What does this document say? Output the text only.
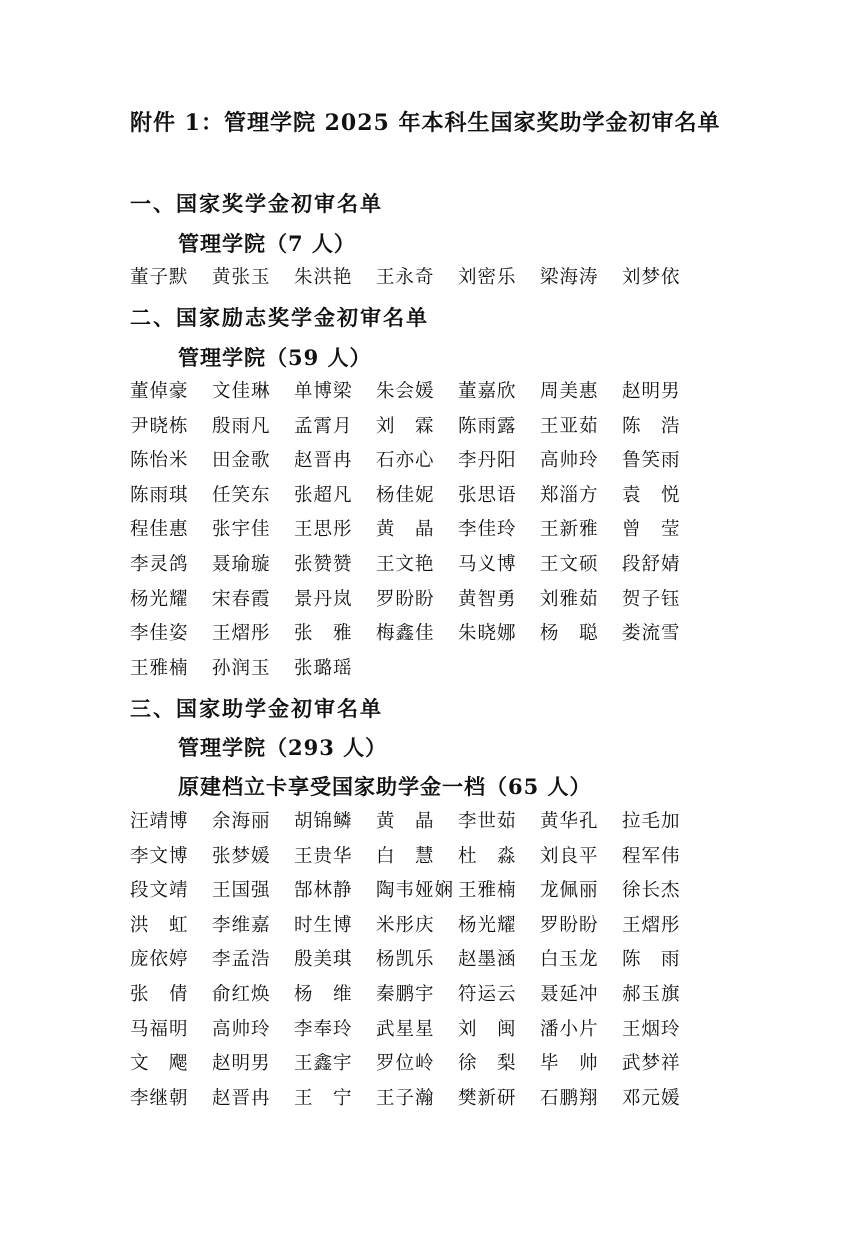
附件 1：管理学院 2025 年本科生国家奖助学金初审名单
一、国家奖学金初审名单
管理学院（7 人）
董子默	黄张玉	朱洪艳	王永奇	刘密乐	梁海涛	刘梦依
二、国家励志奖学金初审名单
管理学院（59 人）
董倬豪	文佳琳	单博梁	朱会媛	董嘉欣	周美惠	赵明男
尹晓栋	殷雨凡	孟霄月	刘　霖	陈雨露	王亚茹	陈　浩
陈怡米	田金歌	赵晋冉	石亦心	李丹阳	高帅玲	鲁笑雨
陈雨琪	任笑东	张超凡	杨佳妮	张思语	郑淄方	袁　悦
程佳惠	张宇佳	王思彤	黄　晶	李佳玲	王新雅	曾　莹
李灵鸽	聂瑜璇	张赞赞	王文艳	马义博	王文硕	段舒婧
杨光耀	宋春霞	景丹岚	罗盼盼	黄智勇	刘雅茹	贺子钰
李佳姿	王熠彤	张　雅	梅鑫佳	朱晓娜	杨　聪	娄流雪
王雅楠	孙润玉	张璐瑶
三、国家助学金初审名单
管理学院（293 人）
原建档立卡享受国家助学金一档（65 人）
汪靖博	余海丽	胡锦鳞	黄　晶	李世茹	黄华孔	拉毛加
李文博	张梦媛	王贵华	白　慧	杜　淼	刘良平	程军伟
段文靖	王国强	郜林静	陶韦娅娴 王雅楠	龙佩丽	徐长杰
洪　虹	李维嘉	时生博	米彤庆	杨光耀	罗盼盼	王熠彤
庞依婷	李孟浩	殷美琪	杨凯乐	赵墨涵	白玉龙	陈　雨
张　倩	俞红焕	杨　维	秦鹏宇	符运云	聂延冲	郝玉旗
马福明	高帅玲	李奉玲	武星星	刘　闽	潘小片	王烟玲
文　飔	赵明男	王鑫宇	罗位岭	徐　梨	毕　帅	武梦祥
李继朝	赵晋冉	王　宁	王子瀚	樊新研	石鹏翔	邓元媛
